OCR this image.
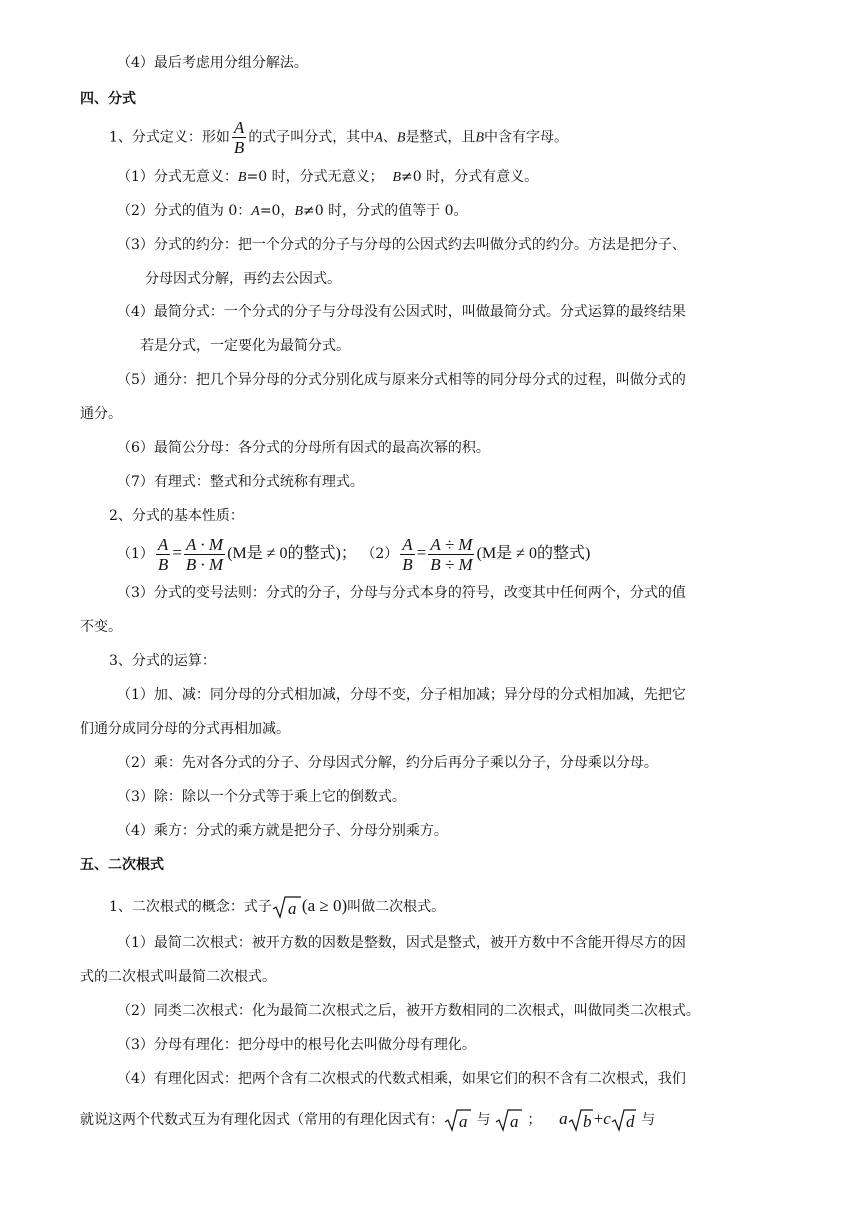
（4）最后考虑用分组分解法。
四、分式
1、分式定义：形如 $\frac{A}{B}$ 的式子叫分式，其中A、B是整式，且B中含有字母。
（1）分式无意义：B=0 时，分式无意义； B≠0 时，分式有意义。
（2）分式的值为 0：A=0，B≠0 时，分式的值等于 0。
（3）分式的约分：把一个分式的分子与分母的公因式约去叫做分式的约分。方法是把分子、
分母因式分解，再约去公因式。
（4）最简分式：一个分式的分子与分母没有公因式时，叫做最简分式。分式运算的最终结果
若是分式，一定要化为最简分式。
（5）通分：把几个异分母的分式分别化成与原来分式相等的同分母分式的过程，叫做分式的
通分。
（6）最简公分母：各分式的分母所有因式的最高次幂的积。
（7）有理式：整式和分式统称有理式。
2、分式的基本性质：
$(1) \frac{A}{B} = \frac{A \cdot M}{B \cdot M} (M$是 ≠ 0的整式)； $(2) \frac{A}{B} = \frac{A \div M}{B \div M} (M$是 ≠ 0的整式)
（3）分式的变号法则：分式的分子，分母与分式本身的符号，改变其中任何两个，分式的值
不变。
3、分式的运算：
（1）加、减：同分母的分式相加减，分母不变，分子相加减；异分母的分式相加减，先把它
们通分成同分母的分式再相加减。
（2）乘：先对各分式的分子、分母因式分解，约分后再分子乘以分子，分母乘以分母。
（3）除：除以一个分式等于乘上它的倒数式。
（4）乘方：分式的乘方就是把分子、分母分别乘方。
五、二次根式
1、二次根式的概念：式子 a (a ≥ 0)叫做二次根式。
（1）最简二次根式：被开方数的因数是整数，因式是整式，被开方数中不含能开得尽方的因
式的二次根式叫最简二次根式。
（2）同类二次根式：化为最简二次根式之后，被开方数相同的二次根式，叫做同类二次根式。
（3）分母有理化：把分母中的根号化去叫做分母有理化。
（4）有理化因式：把两个含有二次根式的代数式相乘，如果它们的积不含有二次根式，我们
就说这两个代数式互为有理化因式（常用的有理化因式有： a 与 a ； a b +c d 与
